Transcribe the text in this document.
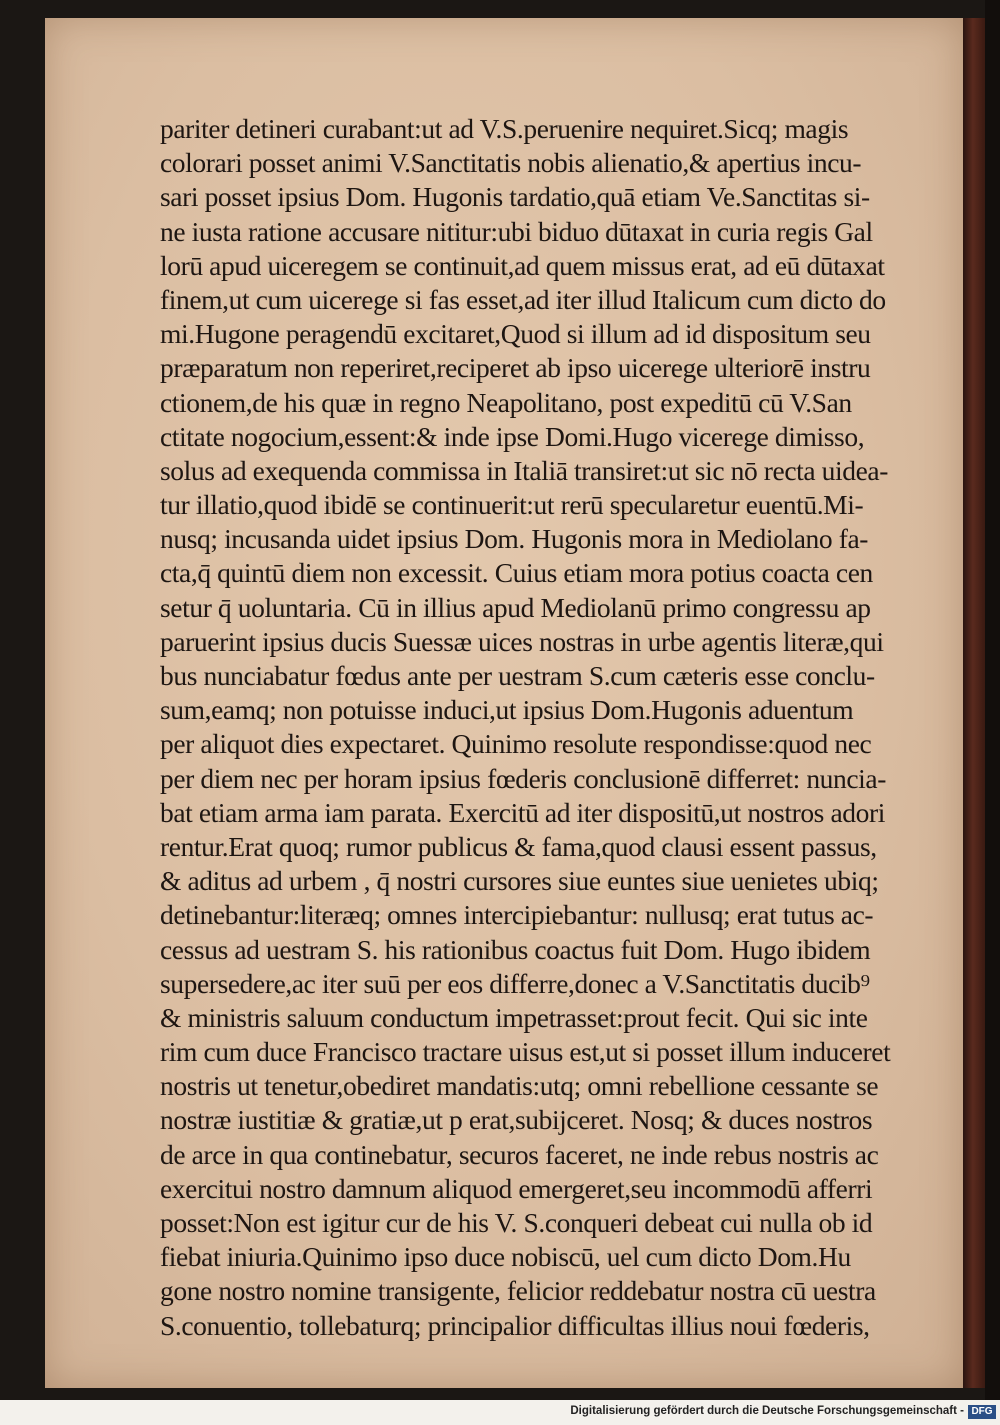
pariter detineri curabant:ut ad V.S.peruenire nequiret.Sicq; magis
colorari posset animi V.Sanctitatis nobis alienatio,& apertius incu-
sari posset ipsius Dom. Hugonis tardatio,quā etiam Ve.Sanctitas si-
ne iusta ratione accusare nititur:ubi biduo dūtaxat in curia regis Gal
lorū apud uiceregem se continuit,ad quem missus erat, ad eū dūtaxat
finem,ut cum uicerege si fas esset,ad iter illud Italicum cum dicto do
mi.Hugone peragendū excitaret,Quod si illum ad id dispositum seu
præparatum non reperiret,reciperet ab ipso uicerege ulteriorē instru
ctionem,de his quæ in regno Neapolitano, post expeditū cū V.San
ctitate nogocium,essent:& inde ipse Domi.Hugo vicerege dimisso,
solus ad exequenda commissa in Italiā transiret:ut sic nō recta uidea-
tur illatio,quod ibidē se continuerit:ut rerū specularetur euentū.Mi-
nusq; incusanda uidet ipsius Dom. Hugonis mora in Mediolano fa-
cta,q̄ quintū diem non excessit. Cuius etiam mora potius coacta cen
setur q̄ uoluntaria. Cū in illius apud Mediolanū primo congressu ap
paruerint ipsius ducis Suessæ uices nostras in urbe agentis literæ,qui
bus nunciabatur fœdus ante per uestram S.cum cæteris esse conclu-
sum,eamq; non potuisse induci,ut ipsius Dom.Hugonis aduentum
per aliquot dies expectaret. Quinimo resolute respondisse:quod nec
per diem nec per horam ipsius fœderis conclusionē differret: nuncia-
bat etiam arma iam parata. Exercitū ad iter dispositū,ut nostros adori
rentur.Erat quoq; rumor publicus & fama,quod clausi essent passus,
& aditus ad urbem , q̄ nostri cursores siue euntes siue uenietes ubiq;
detinebantur:literæq; omnes intercipiebantur: nullusq; erat tutus ac-
cessus ad uestram S. his rationibus coactus fuit Dom. Hugo ibidem
supersedere,ac iter suū per eos differre,donec a V.Sanctitatis ducib⁹
& ministris saluum conductum impetrasset:prout fecit. Qui sic inte
rim cum duce Francisco tractare uisus est,ut si posset illum induceret
nostris ut tenetur,obediret mandatis:utq; omni rebellione cessante se
nostræ iustitiæ & gratiæ,ut p erat,subijceret. Nosq; & duces nostros
de arce in qua continebatur, securos faceret, ne inde rebus nostris ac
exercitui nostro damnum aliquod emergeret,seu incommodū afferri
posset:Non est igitur cur de his V. S.conqueri debeat cui nulla ob id
fiebat iniuria.Quinimo ipso duce nobiscū, uel cum dicto Dom.Hu
gone nostro nomine transigente, felicior reddebatur nostra cū uestra
S.conuentio, tollebaturq; principalior difficultas illius noui fœderis,
Digitalisierung gefördert durch die Deutsche Forschungsgemeinschaft - DFG
